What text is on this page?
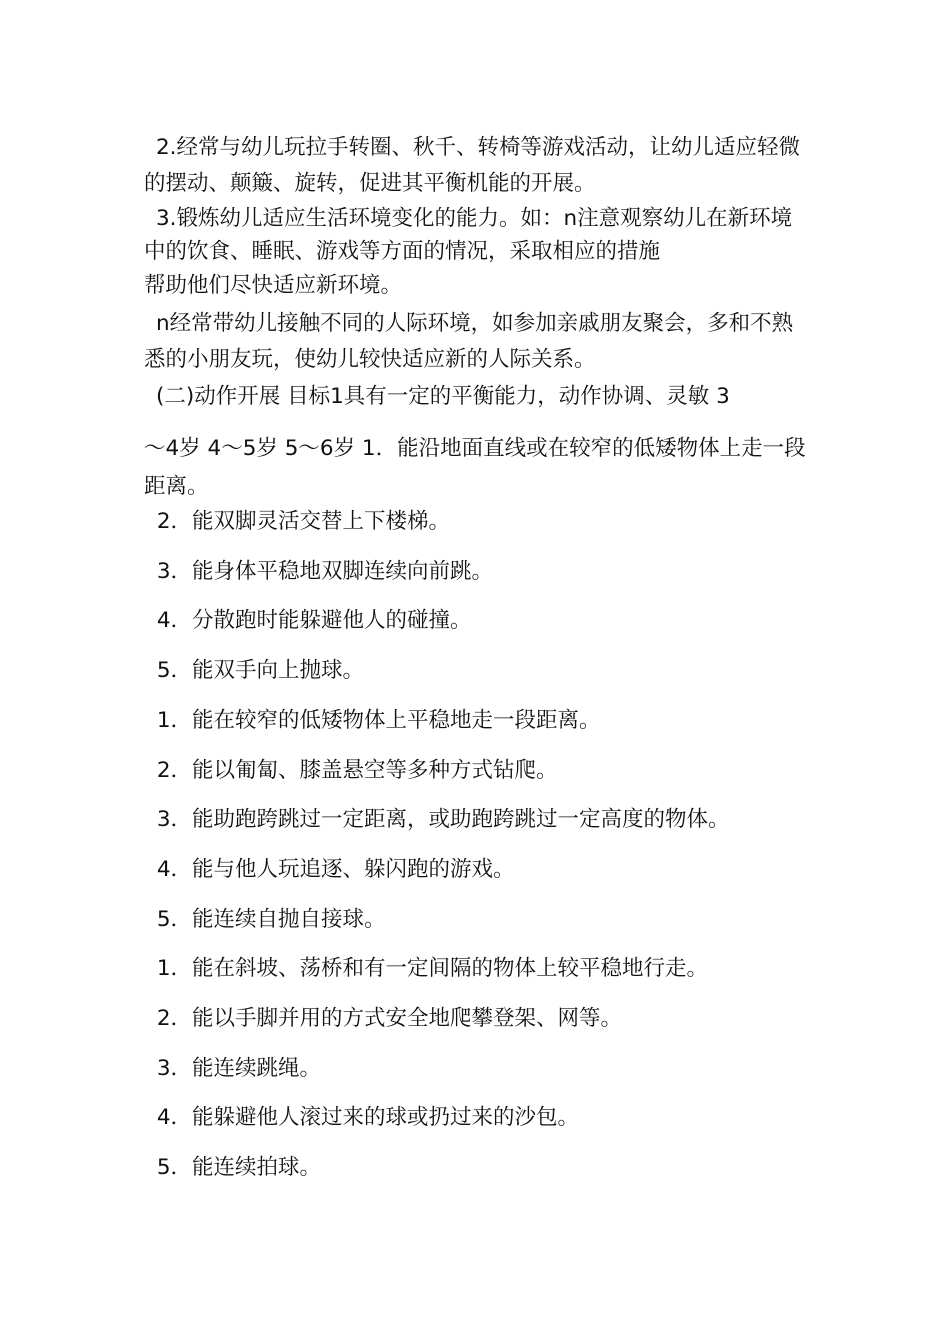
2.经常与幼儿玩拉手转圈、秋千、转椅等游戏活动，让幼儿适应轻微的摆动、颠簸、旋转，促进其平衡机能的开展。

3.锻炼幼儿适应生活环境变化的能力。如：n注意观察幼儿在新环境中的饮食、睡眠、游戏等方面的情况，采取相应的措施

帮助他们尽快适应新环境。

n经常带幼儿接触不同的人际环境，如参加亲戚朋友聚会，多和不熟悉的小朋友玩，使幼儿较快适应新的人际关系。

(二)动作开展 目标1具有一定的平衡能力，动作协调、灵敏 3

～4岁 4～5岁 5～6岁 1．能沿地面直线或在较窄的低矮物体上走一段距离。

2．能双脚灵活交替上下楼梯。

3．能身体平稳地双脚连续向前跳。

4．分散跑时能躲避他人的碰撞。

5．能双手向上抛球。

1．能在较窄的低矮物体上平稳地走一段距离。

2．能以匍匐、膝盖悬空等多种方式钻爬。

3．能助跑跨跳过一定距离，或助跑跨跳过一定高度的物体。

4．能与他人玩追逐、躲闪跑的游戏。

5．能连续自抛自接球。

1．能在斜坡、荡桥和有一定间隔的物体上较平稳地行走。

2．能以手脚并用的方式安全地爬攀登架、网等。

3．能连续跳绳。

4．能躲避他人滚过来的球或扔过来的沙包。

5．能连续拍球。
